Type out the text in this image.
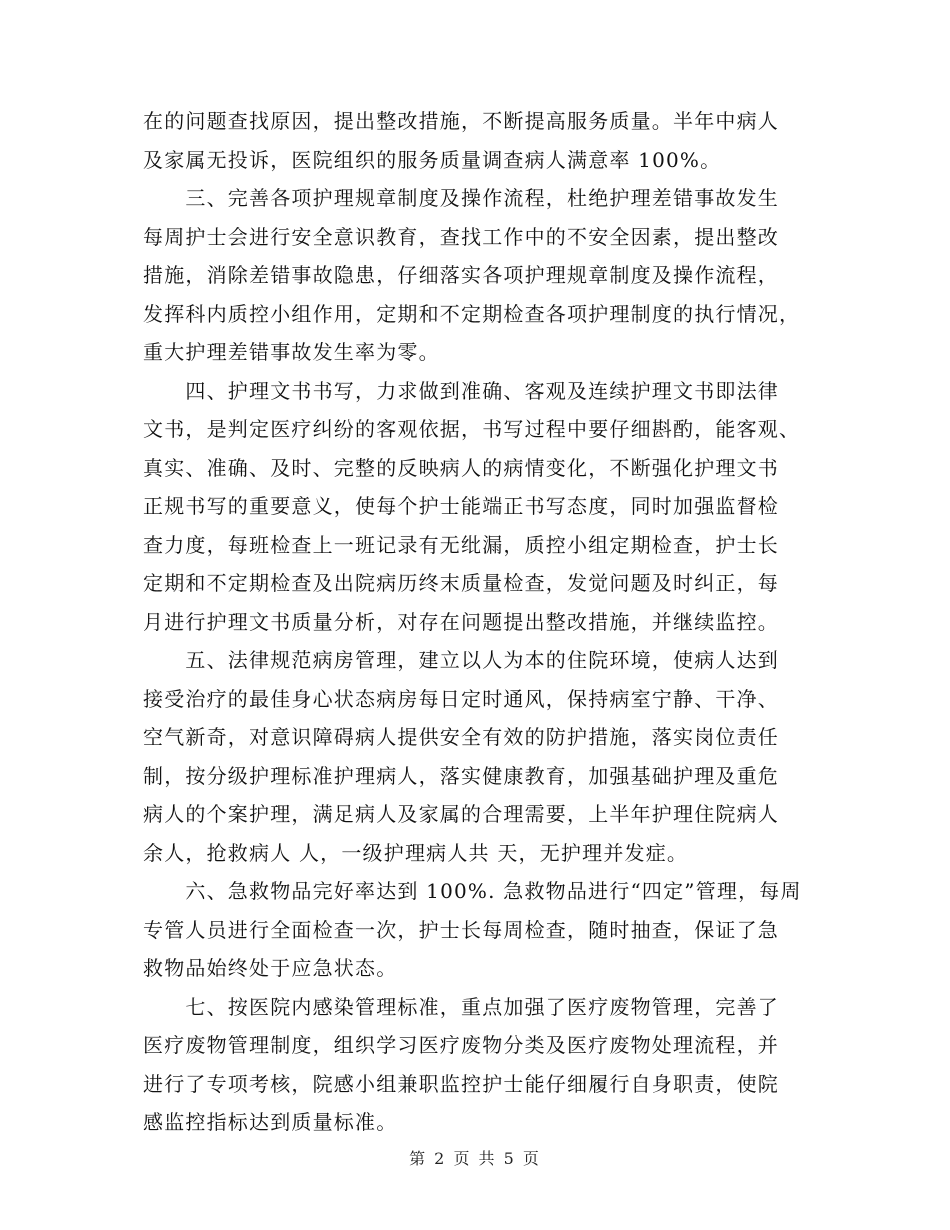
在的问题查找原因，提出整改措施，不断提高服务质量。半年中病人
及家属无投诉，医院组织的服务质量调查病人满意率 100%。
　　三、完善各项护理规章制度及操作流程，杜绝护理差错事故发生
每周护士会进行安全意识教育，查找工作中的不安全因素，提出整改
措施，消除差错事故隐患，仔细落实各项护理规章制度及操作流程，
发挥科内质控小组作用，定期和不定期检查各项护理制度的执行情况，
重大护理差错事故发生率为零。
　　四、护理文书书写，力求做到准确、客观及连续护理文书即法律
文书，是判定医疗纠纷的客观依据，书写过程中要仔细斟酌，能客观、
真实、准确、及时、完整的反映病人的病情变化，不断强化护理文书
正规书写的重要意义，使每个护士能端正书写态度，同时加强监督检
查力度，每班检查上一班记录有无纰漏，质控小组定期检查，护士长
定期和不定期检查及出院病历终末质量检查，发觉问题及时纠正，每
月进行护理文书质量分析，对存在问题提出整改措施，并继续监控。
　　五、法律规范病房管理，建立以人为本的住院环境，使病人达到
接受治疗的最佳身心状态病房每日定时通风，保持病室宁静、干净、
空气新奇，对意识障碍病人提供安全有效的防护措施，落实岗位责任
制，按分级护理标准护理病人，落实健康教育，加强基础护理及重危
病人的个案护理，满足病人及家属的合理需要，上半年护理住院病人
余人，抢救病人 人，一级护理病人共 天，无护理并发症。
　　六、急救物品完好率达到 100%. 急救物品进行“四定”管理，每周
专管人员进行全面检查一次，护士长每周检查，随时抽查，保证了急
救物品始终处于应急状态。
　　七、按医院内感染管理标准，重点加强了医疗废物管理，完善了
医疗废物管理制度，组织学习医疗废物分类及医疗废物处理流程，并
进行了专项考核，院感小组兼职监控护士能仔细履行自身职责，使院
感监控指标达到质量标准。
第 2 页 共 5 页
